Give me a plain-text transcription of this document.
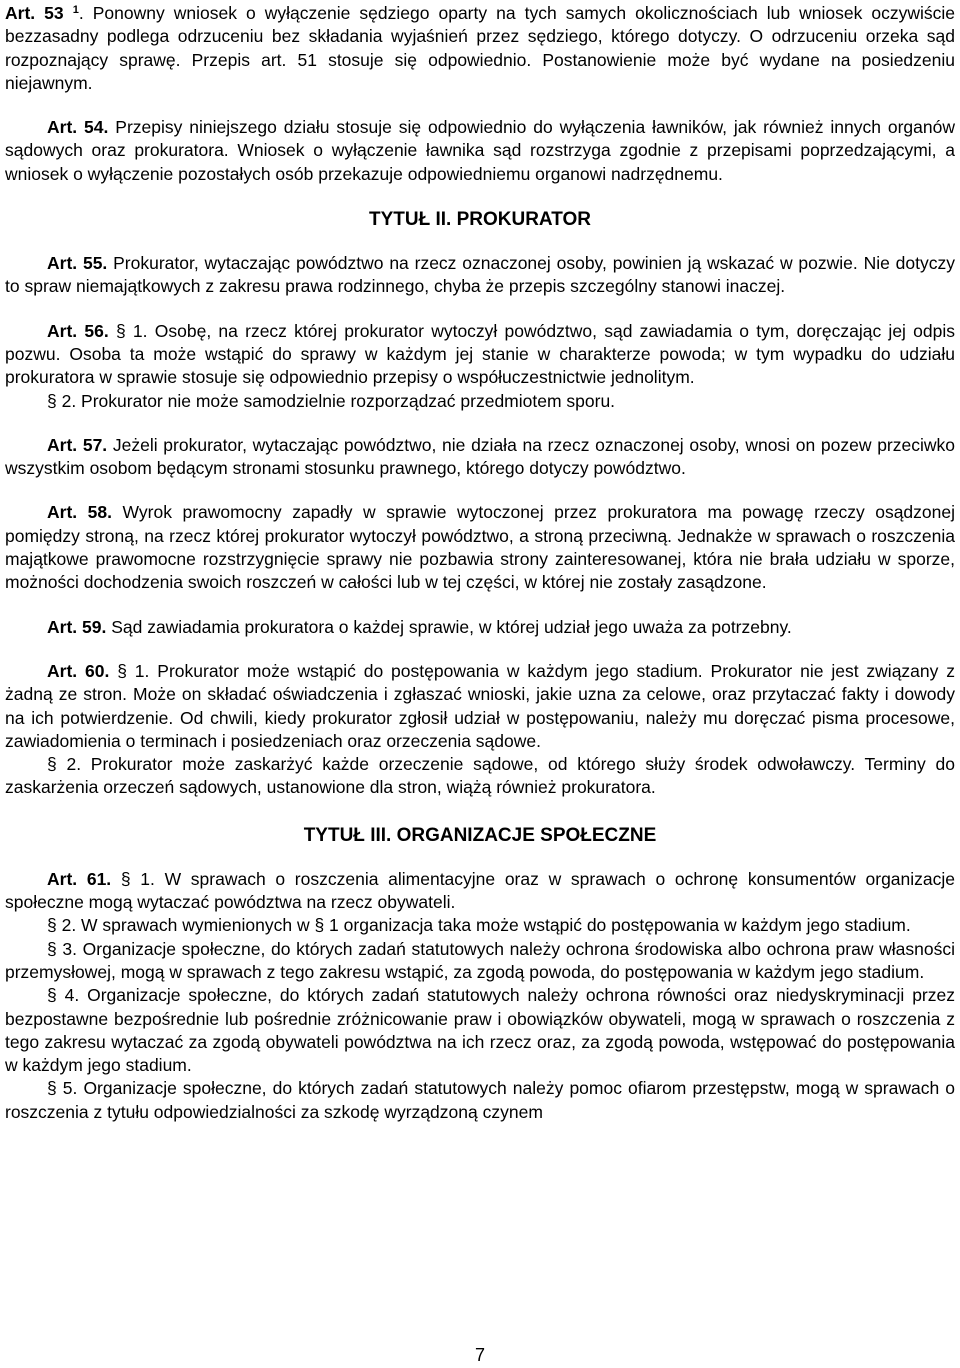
Art. 53 $^1$. Ponowny wniosek o wyłączenie sędziego oparty na tych samych okolicznościach lub wniosek oczywiście bezzasadny podlega odrzuceniu bez składania wyjaśnień przez sędziego, którego dotyczy. O odrzuceniu orzeka sąd rozpoznający sprawę. Przepis art. 51 stosuje się odpowiednio. Postanowienie może być wydane na posiedzeniu niejawnym.

Art. 54. Przepisy niniejszego działu stosuje się odpowiednio do wyłączenia ławników, jak również innych organów sądowych oraz prokuratora. Wniosek o wyłączenie ławnika sąd rozstrzyga zgodnie z przepisami poprzedzającymi, a wniosek o wyłączenie pozostałych osób przekazuje odpowiedniemu organowi nadrzędnemu.

TYTUŁ II. PROKURATOR

Art. 55. Prokurator, wytaczając powództwo na rzecz oznaczonej osoby, powinien ją wskazać w pozwie. Nie dotyczy to spraw niemajątkowych z zakresu prawa rodzinnego, chyba że przepis szczególny stanowi inaczej.

Art. 56. § 1. Osobę, na rzecz której prokurator wytoczył powództwo, sąd zawiadamia o tym, doręczając jej odpis pozwu. Osoba ta może wstąpić do sprawy w każdym jej stanie w charakterze powoda; w tym wypadku do udziału prokuratora w sprawie stosuje się odpowiednio przepisy o współuczestnictwie jednolitym.

§ 2. Prokurator nie może samodzielnie rozporządzać przedmiotem sporu.

Art. 57. Jeżeli prokurator, wytaczając powództwo, nie działa na rzecz oznaczonej osoby, wnosi on pozew przeciwko wszystkim osobom będącym stronami stosunku prawnego, którego dotyczy powództwo.

Art. 58. Wyrok prawomocny zapadły w sprawie wytoczonej przez prokuratora ma powagę rzeczy osądzonej pomiędzy stroną, na rzecz której prokurator wytoczył powództwo, a stroną przeciwną. Jednakże w sprawach o roszczenia majątkowe prawomocne rozstrzygnięcie sprawy nie pozbawia strony zainteresowanej, która nie brała udziału w sporze, możności dochodzenia swoich roszczeń w całości lub w tej części, w której nie zostały zasądzone.

Art. 59. Sąd zawiadamia prokuratora o każdej sprawie, w której udział jego uważa za potrzebny.

Art. 60. § 1. Prokurator może wstąpić do postępowania w każdym jego stadium. Prokurator nie jest związany z żadną ze stron. Może on składać oświadczenia i zgłaszać wnioski, jakie uzna za celowe, oraz przytaczać fakty i dowody na ich potwierdzenie. Od chwili, kiedy prokurator zgłosił udział w postępowaniu, należy mu doręczać pisma procesowe, zawiadomienia o terminach i posiedzeniach oraz orzeczenia sądowe.

§ 2. Prokurator może zaskarżyć każde orzeczenie sądowe, od którego służy środek odwoławczy. Terminy do zaskarżenia orzeczeń sądowych, ustanowione dla stron, wiążą również prokuratora.

TYTUŁ III. ORGANIZACJE SPOŁECZNE

Art. 61. § 1. W sprawach o roszczenia alimentacyjne oraz w sprawach o ochronę konsumentów organizacje społeczne mogą wytaczać powództwa na rzecz obywateli.

§ 2. W sprawach wymienionych w § 1 organizacja taka może wstąpić do postępowania w każdym jego stadium.

§ 3. Organizacje społeczne, do których zadań statutowych należy ochrona środowiska albo ochrona praw własności przemysłowej, mogą w sprawach z tego zakresu wstąpić, za zgodą powoda, do postępowania w każdym jego stadium.

§ 4. Organizacje społeczne, do których zadań statutowych należy ochrona równości oraz niedyskryminacji przez bezpostawne bezpośrednie lub pośrednie zróżnicowanie praw i obowiązków obywateli, mogą w sprawach o roszczenia z tego zakresu wytaczać za zgodą obywateli powództwa na ich rzecz oraz, za zgodą powoda, wstępować do postępowania w każdym jego stadium.

§ 5. Organizacje społeczne, do których zadań statutowych należy pomoc ofiarom przestępstw, mogą w sprawach o roszczenia z tytułu odpowiedzialności za szkodę wyrządzoną czynem

7
